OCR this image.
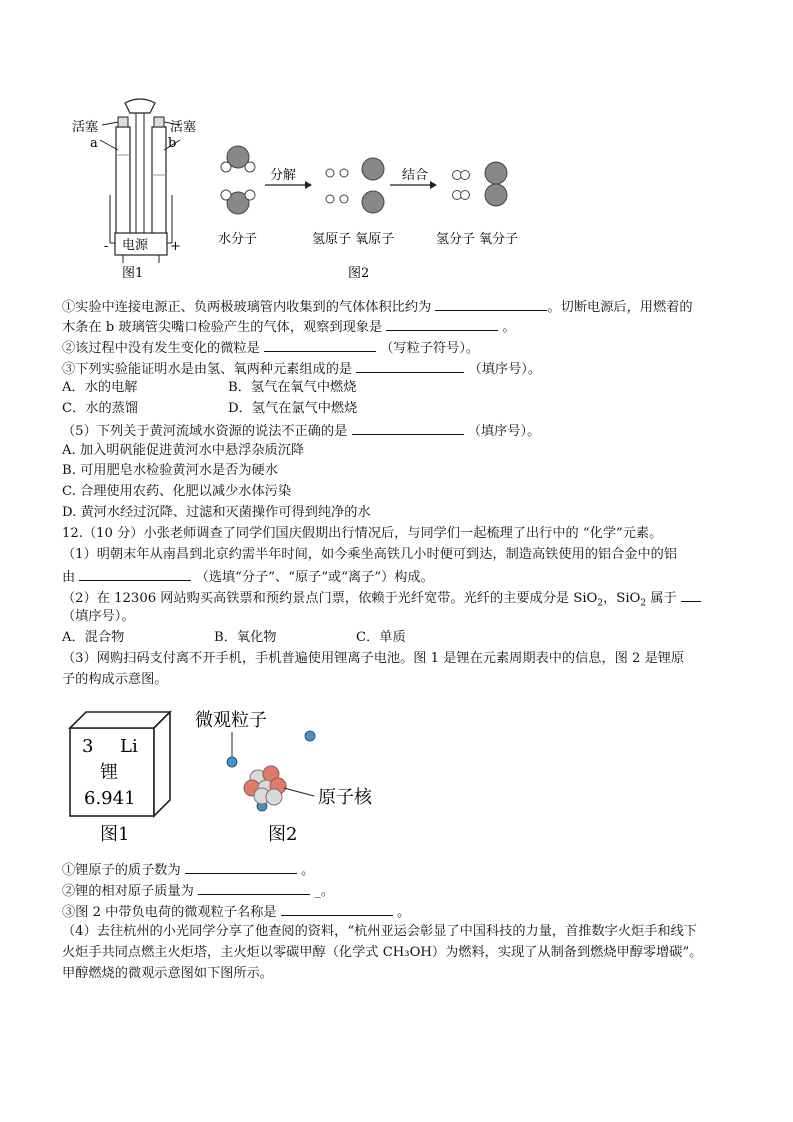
电源
-	+
活塞	活塞
a	b
图1
水分子
分解
氢原子 氧原子
结合
氢分子 氧分子
图2
①实验中连接电源正、负两极玻璃管内收集到的气体体积比约为	。切断电源后，用燃着的
木条在 b 玻璃管尖嘴口检验产生的气体，观察到现象是	。
②该过程中没有发生变化的微粒是	（写粒子符号）。
③下列实验能证明水是由氢、氧两种元素组成的是	（填序号）。
A．水的电解	B．氢气在氧气中燃烧
C．水的蒸馏	D．氢气在氯气中燃烧
（5）下列关于黄河流域水资源的说法不正确的是	（填序号）。
A. 加入明矾能促进黄河水中悬浮杂质沉降
B. 可用肥皂水检验黄河水是否为硬水
C. 合理使用农药、化肥以减少水体污染
D. 黄河水经过沉降、过滤和灭菌操作可得到纯净的水
12.（10 分）小张老师调查了同学们国庆假期出行情况后，与同学们一起梳理了出行中的 “化学”元素。
（1）明朝末年从南昌到北京约需半年时间，如今乘坐高铁几小时便可到达，制造高铁使用的铝合金中的铝
由	（选填“分子”、“原子”或“离子”）构成。
（2）在 12306 网站购买高铁票和预约景点门票，依赖于光纤宽带。光纤的主要成分是 SiO$_2$，SiO$_2$ 属于
（填序号）。
A．混合物	B．氧化物	C．单质
（3）网购扫码支付离不开手机，手机普遍使用锂离子电池。图 1 是锂在元素周期表中的信息，图 2 是锂原
子的构成示意图。
3 Li
锂
6.941
图1
微观粒子
原子核
图2
①锂原子的质子数为	。
②锂的相对原子质量为	_。
③图 2 中带负电荷的微观粒子名称是	。
（4）去往杭州的小光同学分享了他查阅的资料，“杭州亚运会彰显了中国科技的力量，首推数字火炬手和线下
火炬手共同点燃主火炬塔，主火炬以零碳甲醇（化学式 CH₃OH）为燃料，实现了从制备到燃烧甲醇零增碳”。
甲醇燃烧的微观示意图如下图所示。
